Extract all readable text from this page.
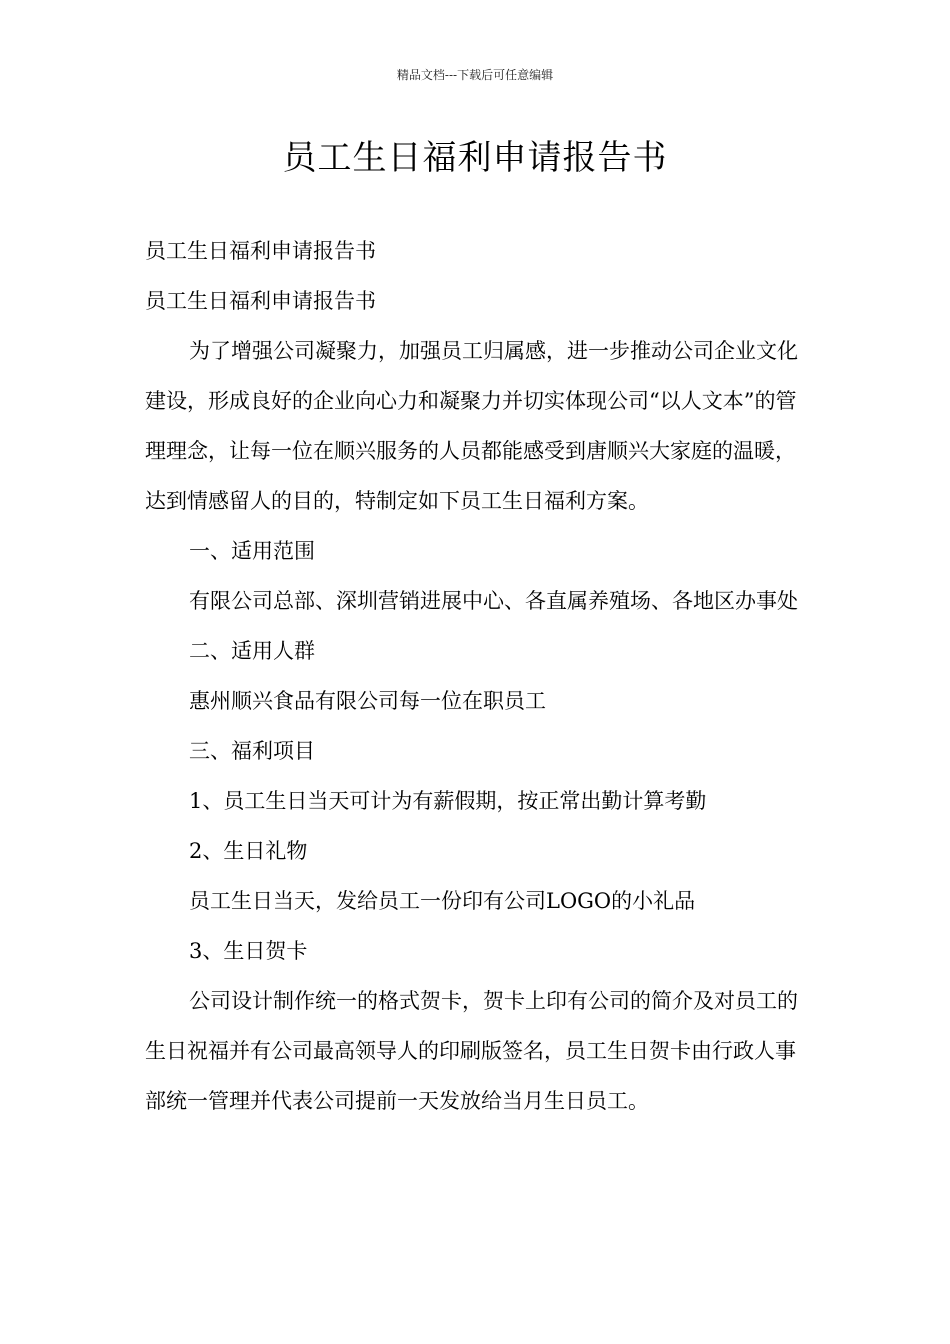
精品文档---下载后可任意编辑
员工生日福利申请报告书

员工生日福利申请报告书

员工生日福利申请报告书

为了增强公司凝聚力，加强员工归属感，进一步推动公司企业文化建设，形成良好的企业向心力和凝聚力并切实体现公司“以人文本”的管理理念，让每一位在顺兴服务的人员都能感受到唐顺兴大家庭的温暖，达到情感留人的目的，特制定如下员工生日福利方案。

一、适用范围

有限公司总部、深圳营销进展中心、各直属养殖场、各地区办事处

二、适用人群

惠州顺兴食品有限公司每一位在职员工

三、福利项目

1、员工生日当天可计为有薪假期，按正常出勤计算考勤

2、生日礼物

员工生日当天，发给员工一份印有公司LOGO的小礼品

3、生日贺卡

公司设计制作统一的格式贺卡，贺卡上印有公司的简介及对员工的生日祝福并有公司最高领导人的印刷版签名，员工生日贺卡由行政人事部统一管理并代表公司提前一天发放给当月生日员工。
